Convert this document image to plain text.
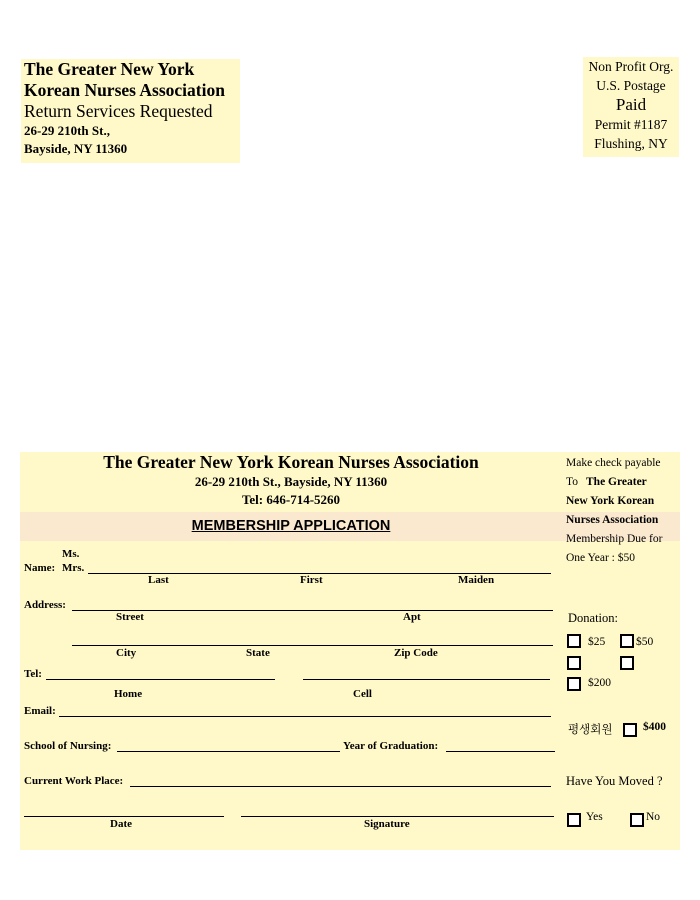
The Greater New York
Korean Nurses Association
Return Services Requested
26-29 210th St.,
Bayside, NY 11360
Non Profit Org.
U.S. Postage
Paid
Permit #1187
Flushing, NY
The Greater New York Korean Nurses Association
26-29 210th St., Bayside, NY 11360
Tel: 646-714-5260
MEMBERSHIP APPLICATION
Ms.
Name: Mrs.
Last	First	Maiden
Address:
Street	Apt
City	State	Zip Code
Tel:
Home	Cell
Email:
School of Nursing:	Year of Graduation:
Current Work Place:
Date	Signature
Make check payable
To The Greater
New York Korean
Nurses Association
Membership Due for
One Year : $50
Donation:
$25	$50
$200
평생회원	$400
Have You Moved ?
Yes	No
